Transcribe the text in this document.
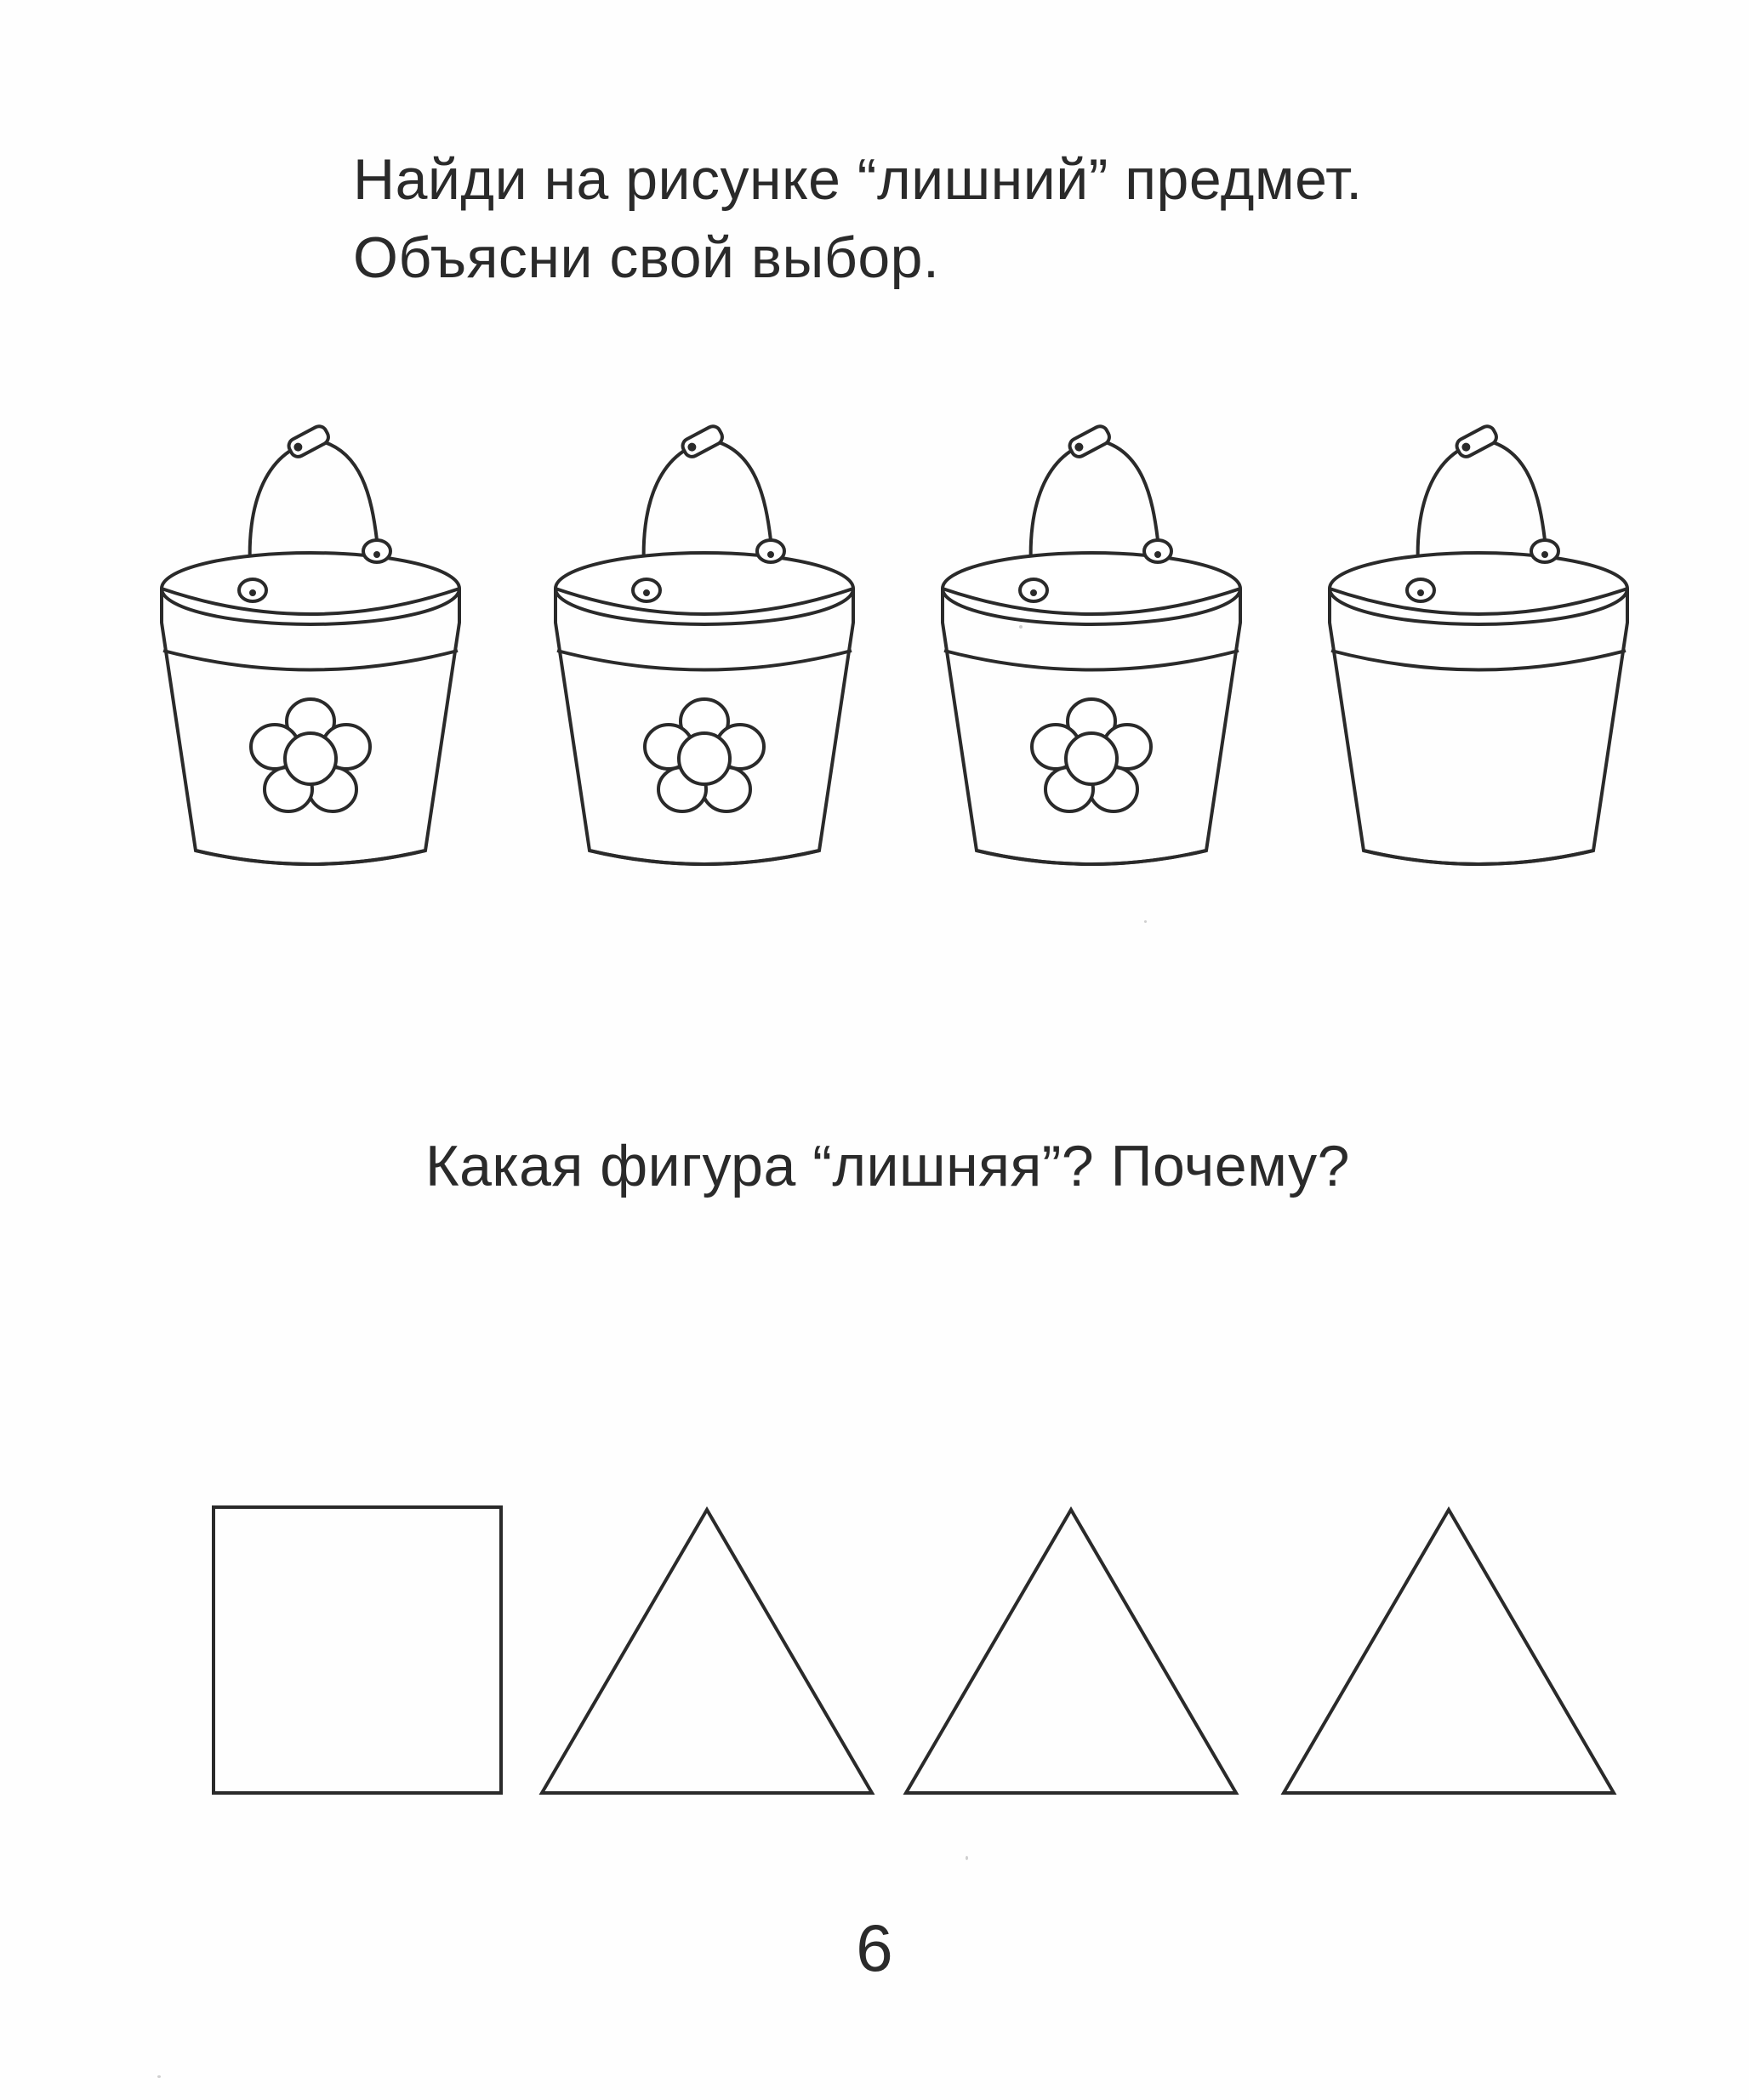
Найди на рисунке “лишний” предмет.
Объясни свой выбор.
Какая фигура “лишняя”? Почему?
6
